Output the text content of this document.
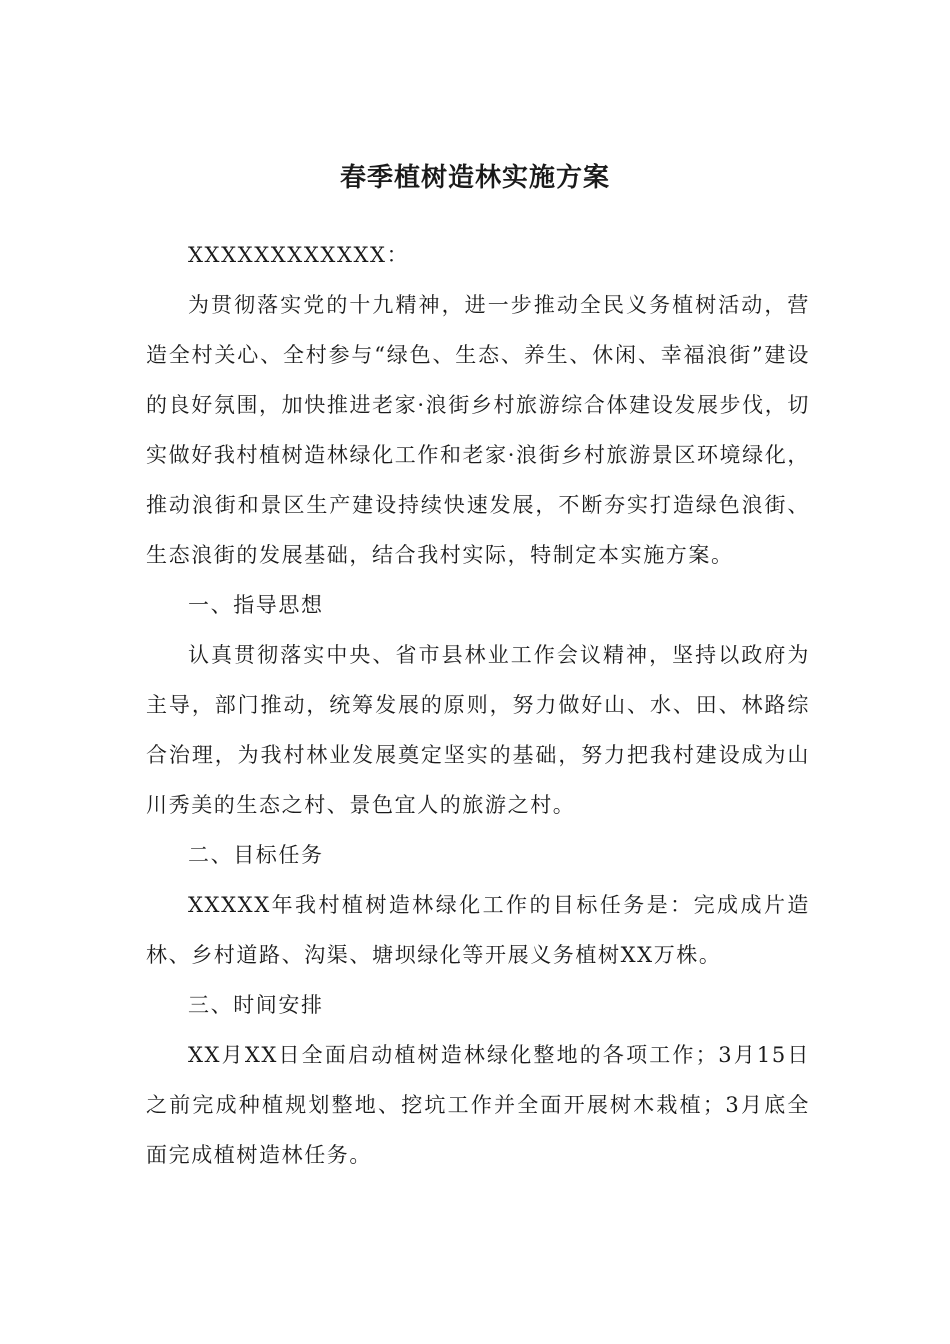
春季植树造林实施方案

XXXXXXXXXXXX：

为贯彻落实党的十九精神，进一步推动全民义务植树活动，营造全村关心、全村参与“绿色、生态、养生、休闲、幸福浪街”建设的良好氛围，加快推进老家·浪街乡村旅游综合体建设发展步伐，切实做好我村植树造林绿化工作和老家·浪街乡村旅游景区环境绿化，推动浪街和景区生产建设持续快速发展，不断夯实打造绿色浪街、生态浪街的发展基础，结合我村实际，特制定本实施方案。

一、指导思想

认真贯彻落实中央、省市县林业工作会议精神，坚持以政府为主导，部门推动，统筹发展的原则，努力做好山、水、田、林路综合治理，为我村林业发展奠定坚实的基础，努力把我村建设成为山川秀美的生态之村、景色宜人的旅游之村。

二、目标任务

XXXXX年我村植树造林绿化工作的目标任务是：完成成片造林、乡村道路、沟渠、塘坝绿化等开展义务植树XX万株。

三、时间安排

XX月XX日全面启动植树造林绿化整地的各项工作；3月15日之前完成种植规划整地、挖坑工作并全面开展树木栽植；3月底全面完成植树造林任务。
